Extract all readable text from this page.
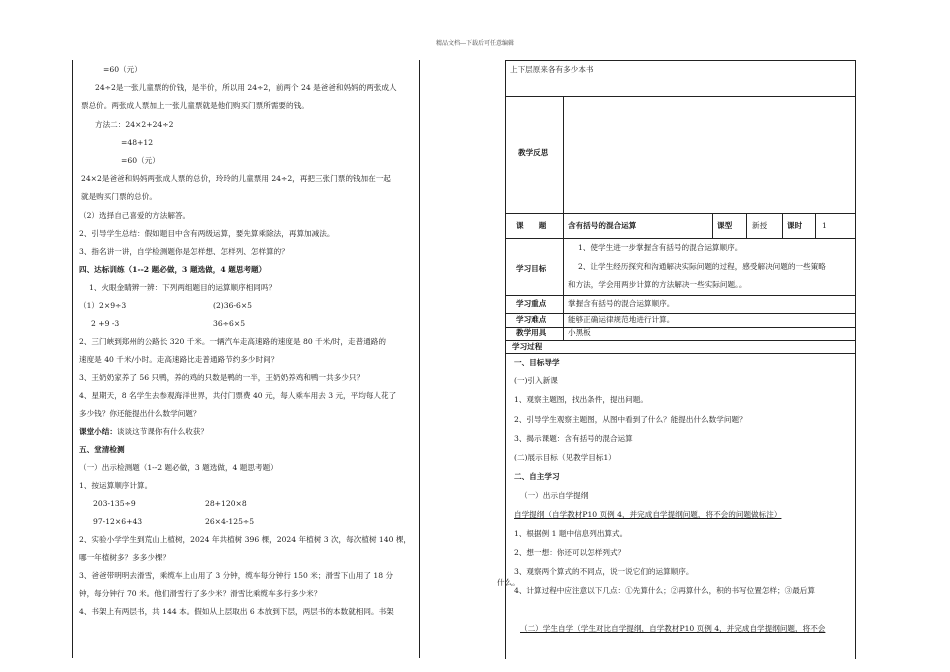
精品文档---下载后可任意编辑
=60（元）
24÷2是一张儿童票的价钱，是半价，所以用 24÷2，前两个 24 是爸爸和妈妈的两张成人
票总价。两张成人票加上一张儿童票就是他们购买门票所需要的钱。
方法二：24×2+24÷2
=48+12
=60（元）
24×2是爸爸和妈妈两张成人票的总价，玲玲的儿童票用 24÷2，再把三张门票的钱加在一起
就是购买门票的总价。
（2）选择自己喜爱的方法解答。
2、引导学生总结：假如题目中含有两级运算，要先算乘除法，再算加减法。
3、指名讲一讲，自学检测题你是怎样想、怎样列、怎样算的？
四、达标训练（1--2 题必做，3 题选做，4 题思考题）
1、火眼金睛辨一辨：下列两组题目的运算顺序相同吗？
（1）2×9÷3	(2)36-6×5
2 +9 -3	36÷6×5
2、三门峡到郑州的公路长 320 千米。一辆汽车走高速路的速度是 80 千米/时，走普通路的
速度是 40 千米/小时。走高速路比走普通路节约多少时间？
3、王奶奶家养了 56 只鸭，养的鸡的只数是鸭的一半，王奶奶养鸡和鸭一共多少只？
4、星期天，8 名学生去参观海洋世界，共付门票费 40 元，每人乘车用去 3 元，平均每人花了
多少钱？你还能提出什么数学问题？
课堂小结：谈谈这节课你有什么收获？
五、堂清检测
（一）出示检测题（1--2 题必做，3 题选做，4 题思考题）
1、按运算顺序计算。
203-135÷9	28+120×8
97-12×6+43	26×4-125÷5
2、实验小学学生到荒山上植树，2024 年共植树 396 棵，2024 年植树 3 次，每次植树 140 棵，
哪一年植树多？多多少棵？
3、爸爸带明明去滑雪，乘缆车上山用了 3 分钟，缆车每分钟行 150 米；滑雪下山用了 18 分
钟，每分钟行 70 米。他们滑雪行了多少米？滑雪比乘缆车多行多少米？
4、书架上有两层书，共 144 本。假如从上层取出 6 本放到下层，两层书的本数就相同。书架
上下层原来各有多少本书
教学反思
课　　题	含有括号的混合运算	课型	新授	课时	1
学习目标
1、使学生进一步掌握含有括号的混合运算顺序。
2、让学生经历探究和沟通解决实际问题的过程，感受解决问题的一些策略
和方法，学会用两步计算的方法解决一些实际问题。。
学习重点	掌握含有括号的混合运算顺序。
学习难点	能够正确运律规范地进行计算。
教学用具	小黑板
学习过程
一、目标导学
(一)引入新课
1、观察主题图，找出条件，提出问题。
2、引导学生观察主题图，从图中看到了什么？能提出什么数学问题？
3、揭示课题：含有括号的混合运算
(二)展示目标（见教学目标1）
二、自主学习
（一）出示自学提纲
自学提纲（自学教材P10 页例 4，并完成自学提纲问题，将不会的问题做标注）
1、根据例 1 题中信息列出算式。
2、想一想：你还可以怎样列式？
3、观察两个算式的不同点，说一说它们的运算顺序。
4、计算过程中应注意以下几点：①先算什么；②再算什么，积的书写位置怎样；③最后算
（二）学生自学（学生对比自学提纲，自学教材P10 页例 4，并完成自学提纲问题，将不会
什么。
